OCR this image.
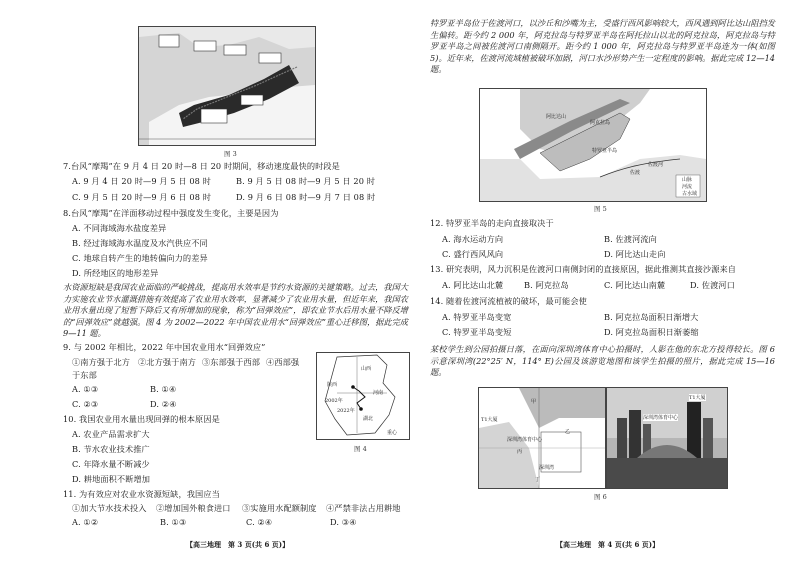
图 3
7.台风“摩羯”在 9 月 4 日 20 时—8 日 20 时期间，移动速度最快的时段是
A. 9 月 4 日 20 时—9 月 5 日 08 时	B. 9 月 5 日 08 时—9 月 5 日 20 时
C. 9 月 5 日 20 时—9 月 6 日 08 时	D. 9 月 6 日 08 时—9 月 7 日 08 时
8.台风“摩羯”在洋面移动过程中强度发生变化，主要是因为
A. 不同海域海水盐度差异
B. 经过海域海水温度及水汽供应不同
C. 地球自转产生的地转偏向力的差异
D. 所经地区的地形差异
水资源短缺是我国农业面临的严峻挑战，提高用水效率是节约水资源的关键策略。过去，我国大力实施农业节水灌溉措施有效提高了农业用水效率，显著减少了农业用水量，但近年来，我国农业用水量出现了短暂下降后又有所增加的现象，称为“回弹效应”，即农业节水后用水量不降反增的“回弹效应”就越强。图 4 为 2002—2022 年中国农业用水“回弹效应”重心迁移图，据此完成 9—11 题。
9. 与 2002 年相比，2022 年中国农业用水“回弹效应”
①南方强于北方 ②北方强于南方 ③东部强于西部 ④西部强
于东部
A. ①③	B. ①④
C. ②③	D. ②④
山西
陕西
河南
湖北
2002年
2022年
重心
图 4
10. 我国农业用水量出现回弹的根本原因是
A. 农业产品需求扩大
B. 节水农业技术推广
C. 年降水量不断减少
D. 耕地面积不断增加
11. 为有效应对农业水资源短缺，我国应当
①加大节水技术投入 ②增加国外粮食进口 ③实施用水配额制度 ④严禁非法占用耕地
A. ①②	B. ①③	C. ②④	D. ③④
【高三地理　第 3 页(共 6 页)】
特罗亚半岛位于佐渡河口，以沙丘和沙嘴为主，受盛行西风影响较大，西风遇到阿比达山阻挡发生偏转。距今约 2 000 年，阿克拉岛与特罗亚半岛在阿托拉山以北的阿克拉岛，阿克拉岛与特罗亚半岛之间被佐渡河口南侧隔开。距今约 1 000 年，阿克拉岛与特罗亚半岛连为一体(如图 5)。近年来，佐渡河流域植被破坏加剧，河口水沙形势产生一定程度的影响。据此完成 12—14 题。
阿比达山
特罗亚半岛
阿克拉岛
佐渡
佐渡河
山脉
河流
古水域
图 5
12. 特罗亚半岛的走向直接取决于
A. 海水运动方向	B. 佐渡河流向
C. 盛行西风风向	D. 阿比达山走向
13. 研究表明，风力沉积是佐渡河口南侧封闭的直接原因，据此推测其直接沙源来自
A. 阿比达山北麓	B. 阿克拉岛	C. 阿比达山南麓	D. 佐渡河口
14. 随着佐渡河流植被的破坏，最可能会使
A. 特罗亚半岛变宽	B. 阿克拉岛面积日渐增大
C. 特罗亚半岛变短	D. 阿克拉岛面积日渐萎缩
某校学生到公园拍摄日落，在面向深圳湾体育中心拍摄时，人影在他的东北方投得较长。图 6 示意深圳湾(22°25′ N，114° E)公园及该游览地图和该学生拍摄的照片，据此完成 15—16 题。
甲
乙
丙
丁
深圳湾
深圳湾体育中心
T1大厦
T1大厦
深圳湾体育中心
图 6
【高三地理　第 4 页(共 6 页)】
